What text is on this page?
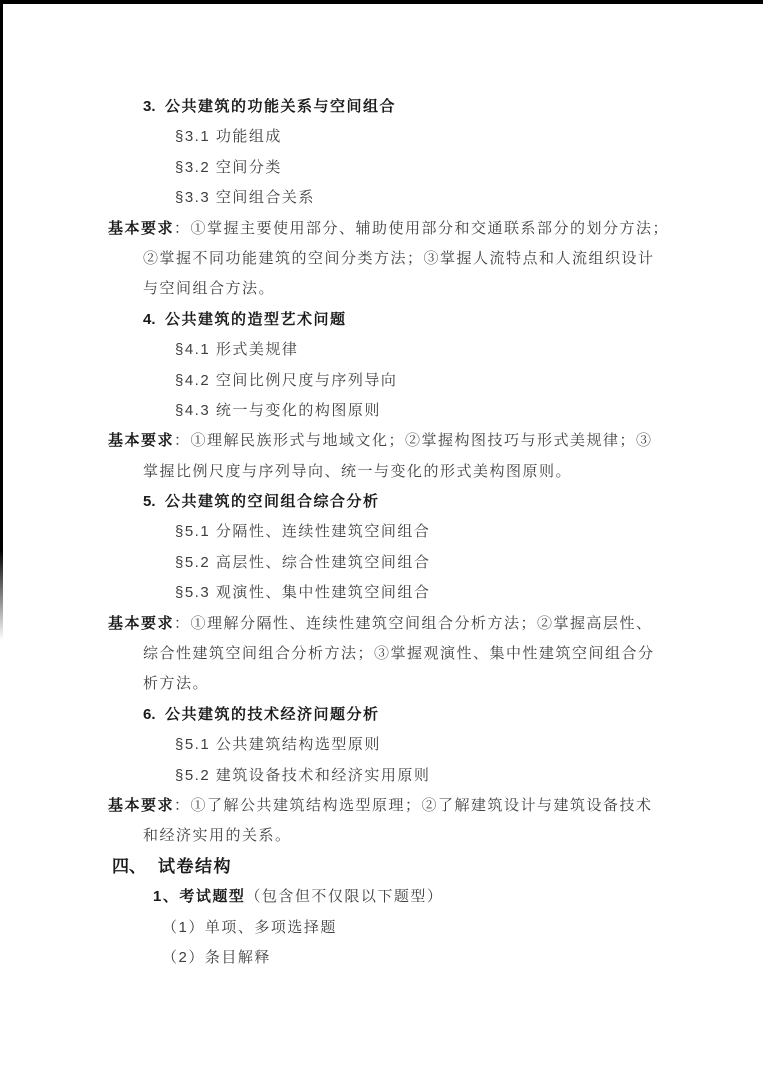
3. 公共建筑的功能关系与空间组合
§3.1 功能组成
§3.2 空间分类
§3.3 空间组合关系
基本要求：①掌握主要使用部分、辅助使用部分和交通联系部分的划分方法；
②掌握不同功能建筑的空间分类方法；③掌握人流特点和人流组织设计
与空间组合方法。
4. 公共建筑的造型艺术问题
§4.1 形式美规律
§4.2 空间比例尺度与序列导向
§4.3 统一与变化的构图原则
基本要求：①理解民族形式与地域文化；②掌握构图技巧与形式美规律；③
掌握比例尺度与序列导向、统一与变化的形式美构图原则。
5. 公共建筑的空间组合综合分析
§5.1 分隔性、连续性建筑空间组合
§5.2 高层性、综合性建筑空间组合
§5.3 观演性、集中性建筑空间组合
基本要求：①理解分隔性、连续性建筑空间组合分析方法；②掌握高层性、
综合性建筑空间组合分析方法；③掌握观演性、集中性建筑空间组合分
析方法。
6. 公共建筑的技术经济问题分析
§5.1 公共建筑结构选型原则
§5.2 建筑设备技术和经济实用原则
基本要求：①了解公共建筑结构选型原理；②了解建筑设计与建筑设备技术
和经济实用的关系。
四、 试卷结构
1、考试题型（包含但不仅限以下题型）
（1）单项、多项选择题
（2）条目解释
